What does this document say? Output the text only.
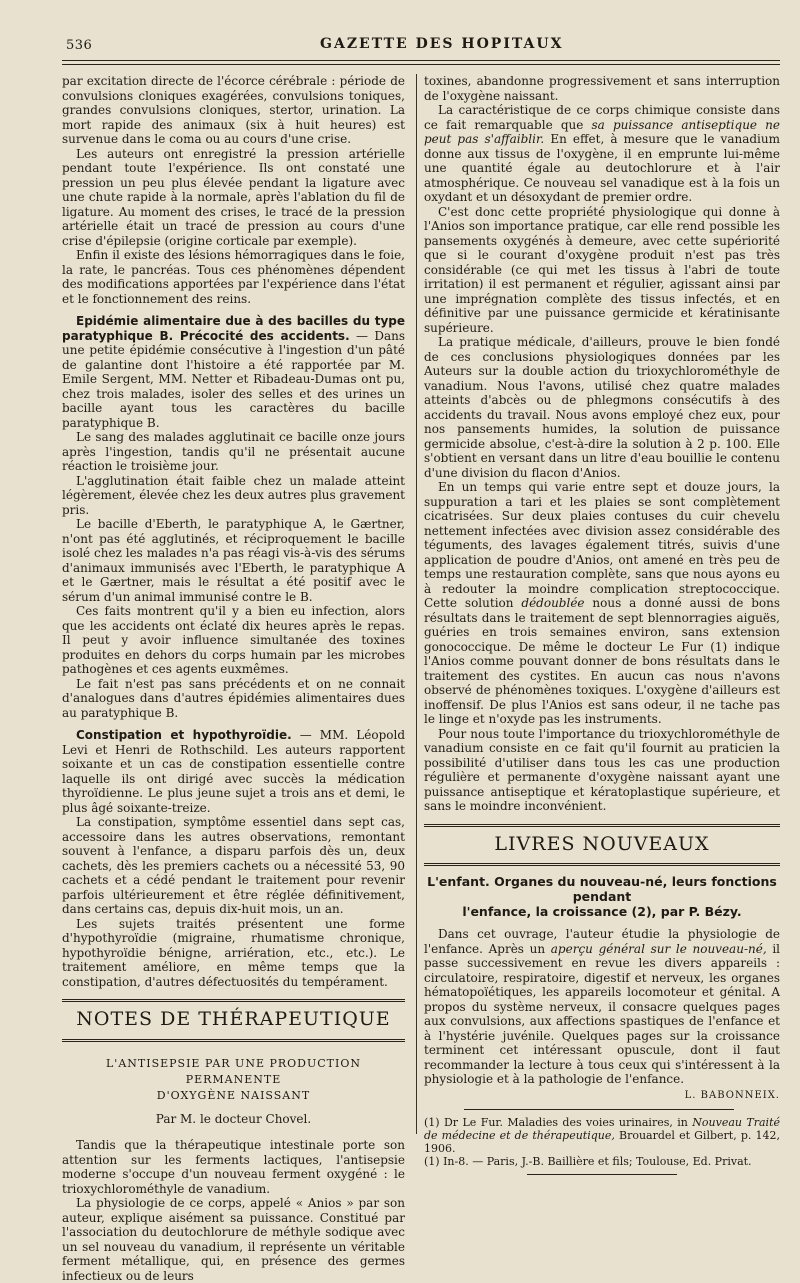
536	GAZETTE DES HOPITAUX

par excitation directe de l'écorce cérébrale : période de convulsions cloniques exagérées, convulsions toniques, grandes convulsions cloniques, stertor, urination. La mort rapide des animaux (six à huit heures) est survenue dans le coma ou au cours d'une crise.

Les auteurs ont enregistré la pression artérielle pendant toute l'expérience. Ils ont constaté une pression un peu plus élevée pendant la ligature avec une chute rapide à la normale, après l'ablation du fil de ligature. Au moment des crises, le tracé de la pression artérielle était un tracé de pression au cours d'une crise d'épilepsie (origine corticale par exemple).

Enfin il existe des lésions hémorragiques dans le foie, la rate, le pancréas. Tous ces phénomènes dépendent des modifications apportées par l'expérience dans l'état et le fonctionnement des reins.

Epidémie alimentaire due à des bacilles du type paratyphique B. Précocité des accidents. — Dans une petite épidémie consécutive à l'ingestion d'un pâté de galantine dont l'histoire a été rapportée par M. Emile Sergent, MM. Netter et Ribadeau-Dumas ont pu, chez trois malades, isoler des selles et des urines un bacille ayant tous les caractères du bacille paratyphique B.

Le sang des malades agglutinait ce bacille onze jours après l'ingestion, tandis qu'il ne présentait aucune réaction le troisième jour.

L'agglutination était faible chez un malade atteint légèrement, élevée chez les deux autres plus gravement pris.

Le bacille d'Eberth, le paratyphique A, le Gærtner, n'ont pas été agglutinés, et réciproquement le bacille isolé chez les malades n'a pas réagi vis-à-vis des sérums d'animaux immunisés avec l'Eberth, le paratyphique A et le Gærtner, mais le résultat a été positif avec le sérum d'un animal immunisé contre le B.

Ces faits montrent qu'il y a bien eu infection, alors que les accidents ont éclaté dix heures après le repas. Il peut y avoir influence simultanée des toxines produites en dehors du corps humain par les microbes pathogènes et ces agents euxmêmes.

Le fait n'est pas sans précédents et on ne connait d'analogues dans d'autres épidémies alimentaires dues au paratyphique B.

Constipation et hypothyroïdie. — MM. Léopold Levi et Henri de Rothschild. Les auteurs rapportent soixante et un cas de constipation essentielle contre laquelle ils ont dirigé avec succès la médication thyroïdienne. Le plus jeune sujet a trois ans et demi, le plus âgé soixante-treize.

La constipation, symptôme essentiel dans sept cas, accessoire dans les autres observations, remontant souvent à l'enfance, a disparu parfois dès un, deux cachets, dès les premiers cachets ou a nécessité 53, 90 cachets et a cédé pendant le traitement pour revenir parfois ultérieurement et être réglée définitivement, dans certains cas, depuis dix-huit mois, un an.

Les sujets traités présentent une forme d'hypothyroïdie (migraine, rhumatisme chronique, hypothyroïdie bénigne, arriération, etc., etc.). Le traitement améliore, en même temps que la constipation, d'autres défectuosités du tempérament.

NOTES DE THÉRAPEUTIQUE
L'ANTISEPSIE PAR UNE PRODUCTION PERMANENTE
D'OXYGÈNE NAISSANT
Par M. le docteur Chovel.

Tandis que la thérapeutique intestinale porte son attention sur les ferments lactiques, l'antisepsie moderne s'occupe d'un nouveau ferment oxygéné : le trioxychlorométhyle de vanadium.

La physiologie de ce corps, appelé « Anios » par son auteur, explique aisément sa puissance. Constitué par l'association du deutochlorure de méthyle sodique avec un sel nouveau du vanadium, il représente un véritable ferment métallique, qui, en présence des germes infectieux ou de leurs

toxines, abandonne progressivement et sans interruption de l'oxygène naissant.

La caractéristique de ce corps chimique consiste dans ce fait remarquable que sa puissance antiseptique ne peut pas s'affaiblir. En effet, à mesure que le vanadium donne aux tissus de l'oxygène, il en emprunte lui-même une quantité égale au deutochlorure et à l'air atmosphérique. Ce nouveau sel vanadique est à la fois un oxydant et un désoxydant de premier ordre.

C'est donc cette propriété physiologique qui donne à l'Anios son importance pratique, car elle rend possible les pansements oxygénés à demeure, avec cette supériorité que si le courant d'oxygène produit n'est pas très considérable (ce qui met les tissus à l'abri de toute irritation) il est permanent et régulier, agissant ainsi par une imprégnation complète des tissus infectés, et en définitive par une puissance germicide et kératinisante supérieure.

La pratique médicale, d'ailleurs, prouve le bien fondé de ces conclusions physiologiques données par les Auteurs sur la double action du trioxychlorométhyle de vanadium. Nous l'avons, utilisé chez quatre malades atteints d'abcès ou de phlegmons consécutifs à des accidents du travail. Nous avons employé chez eux, pour nos pansements humides, la solution de puissance germicide absolue, c'est-à-dire la solution à 2 p. 100. Elle s'obtient en versant dans un litre d'eau bouillie le contenu d'une division du flacon d'Anios.

En un temps qui varie entre sept et douze jours, la suppuration a tari et les plaies se sont complètement cicatrisées. Sur deux plaies contuses du cuir chevelu nettement infectées avec division assez considérable des téguments, des lavages également titrés, suivis d'une application de poudre d'Anios, ont amené en très peu de temps une restauration complète, sans que nous ayons eu à redouter la moindre complication streptococcique. Cette solution dédoublée nous a donné aussi de bons résultats dans le traitement de sept blennorragies aiguës, guéries en trois semaines environ, sans extension gonococcique. De même le docteur Le Fur (1) indique l'Anios comme pouvant donner de bons résultats dans le traitement des cystites. En aucun cas nous n'avons observé de phénomènes toxiques. L'oxygène d'ailleurs est inoffensif. De plus l'Anios est sans odeur, il ne tache pas le linge et n'oxyde pas les instruments.

Pour nous toute l'importance du trioxychlorométhyle de vanadium consiste en ce fait qu'il fournit au praticien la possibilité d'utiliser dans tous les cas une production régulière et permanente d'oxygène naissant ayant une puissance antiseptique et kératoplastique supérieure, et sans le moindre inconvénient.

LIVRES NOUVEAUX
L'enfant. Organes du nouveau-né, leurs fonctions pendant
l'enfance, la croissance (2), par P. Bézy.

Dans cet ouvrage, l'auteur étudie la physiologie de l'enfance. Après un aperçu général sur le nouveau-né, il passe successivement en revue les divers appareils : circulatoire, respiratoire, digestif et nerveux, les organes hématopoïétiques, les appareils locomoteur et génital. A propos du système nerveux, il consacre quelques pages aux convulsions, aux affections spastiques de l'enfance et à l'hystérie juvénile. Quelques pages sur la croissance terminent cet intéressant opuscule, dont il faut recommander la lecture à tous ceux qui s'intéressent à la physiologie et à la pathologie de l'enfance.

L. BABONNEIX.

(1) Dr Le Fur. Maladies des voies urinaires, in Nouveau Traité de médecine et de thérapeutique, Brouardel et Gilbert, p. 142, 1906.

(1) In-8. — Paris, J.-B. Baillière et fils; Toulouse, Ed. Privat.
